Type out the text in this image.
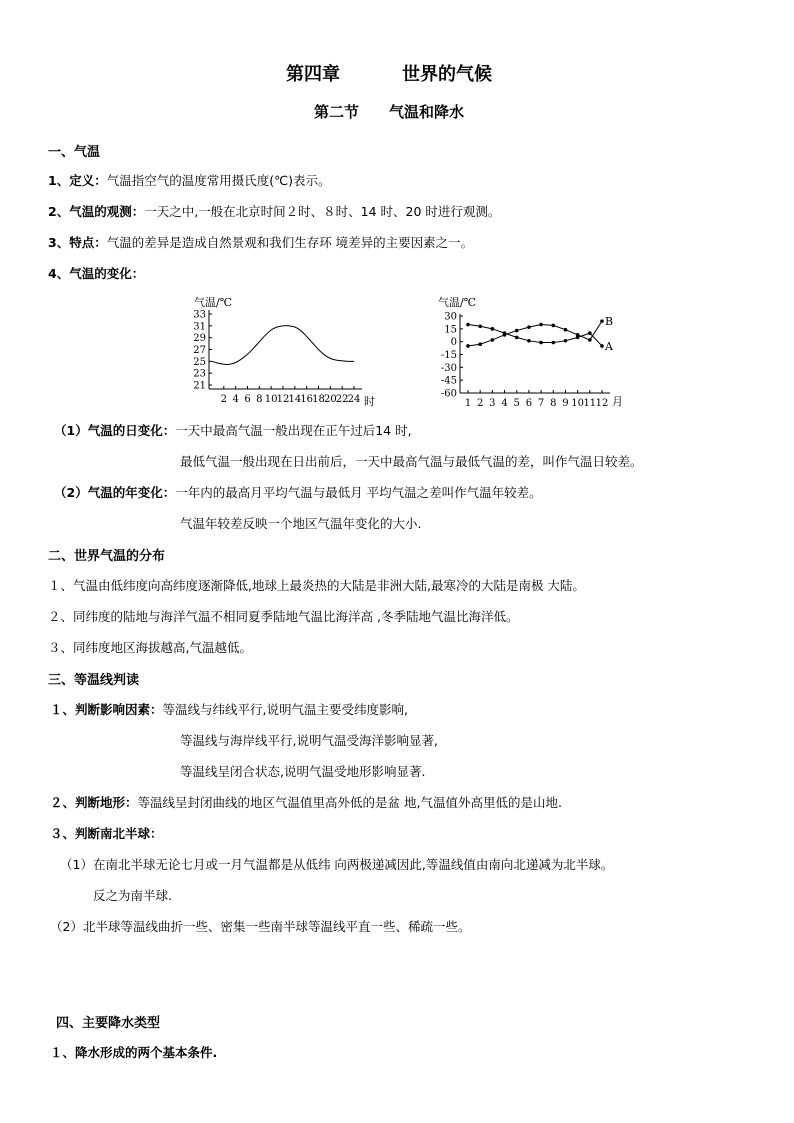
第四章	世界的气候
第二节 气温和降水
一、气温
1、定义：气温指空气的温度常用摄氏度(℃)表示。
2、气温的观测：一天之中,一般在北京时间２时、８时、14 时、20 时进行观测。
3、特点：气温的差异是造成自然景观和我们生存环 境差异的主要因素之一。
4、气温的变化：
气温/℃
时
21
23
25
27
29
31
33
2 4 6 8 10 12 14 16 18 20 22 24
气温/℃
月
30
15
0
-15
-30
-45
-60
1 2 3 4 5 6 7 8 9 10 11 12
B
A
（1）气温的日变化：一天中最高气温一般出现在正午过后14 时,
最低气温一般出现在日出前后，一天中最高气温与最低气温的差，叫作气温日较差。
（2）气温的年变化：一年内的最高月平均气温与最低月 平均气温之差叫作气温年较差。
气温年较差反映一个地区气温年变化的大小.
二、世界气温的分布
１、气温由低纬度向高纬度逐渐降低,地球上最炎热的大陆是非洲大陆,最寒冷的大陆是南极 大陆。
２、同纬度的陆地与海洋气温不相同夏季陆地气温比海洋高 ,冬季陆地气温比海洋低。
３、同纬度地区海拔越高,气温越低。
三、等温线判读
１、判断影响因素：等温线与纬线平行,说明气温主要受纬度影响,
等温线与海岸线平行,说明气温受海洋影响显著,
等温线呈闭合状态,说明气温受地形影响显著.
２、判断地形：等温线呈封闭曲线的地区气温值里高外低的是盆 地,气温值外高里低的是山地.
３、判断南北半球：
（1）在南北半球无论七月或一月气温都是从低纬 向两极递减因此,等温线值由南向北递减为北半球。
反之为南半球.
（2）北半球等温线曲折一些、密集一些南半球等温线平直一些、稀疏一些。
四、主要降水类型
１、降水形成的两个基本条件.
